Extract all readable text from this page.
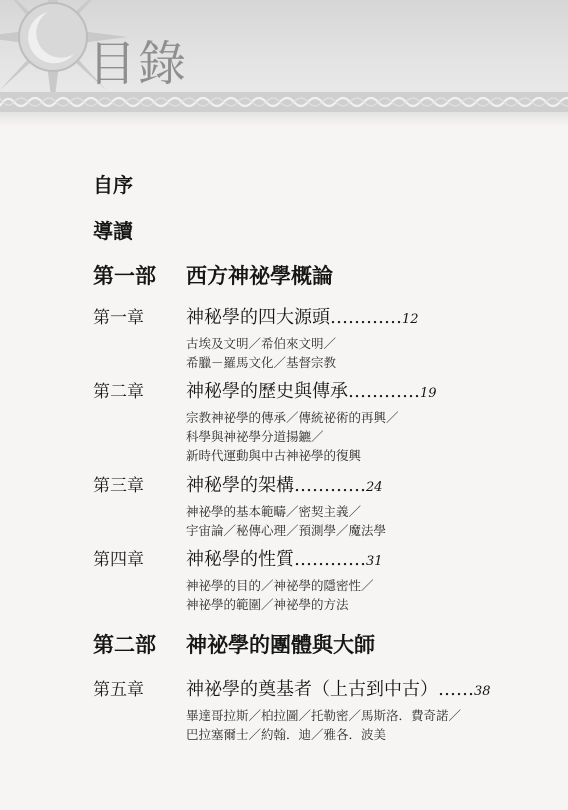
目錄
自序
導讀
第一部 西方神祕學概論
第一章 神秘學的四大源頭…………12
古埃及文明／希伯來文明／
希臘－羅馬文化／基督宗教
第二章 神秘學的歷史與傳承…………19
宗教神祕學的傳承／傳統祕術的再興／
科學與神祕學分道揚鑣／
新時代運動與中古神祕學的復興
第三章 神秘學的架構…………24
神祕學的基本範疇／密契主義／
宇宙論／秘傳心理／預測學／魔法學
第四章 神秘學的性質…………31
神祕學的目的／神祕學的隱密性／
神祕學的範圍／神祕學的方法
第二部 神祕學的團體與大師
第五章 神祕學的奠基者（上古到中古）……38
畢達哥拉斯／柏拉圖／托勒密／馬斯洛．費奇諾／
巴拉塞爾士／約翰．迪／雅各．波美
